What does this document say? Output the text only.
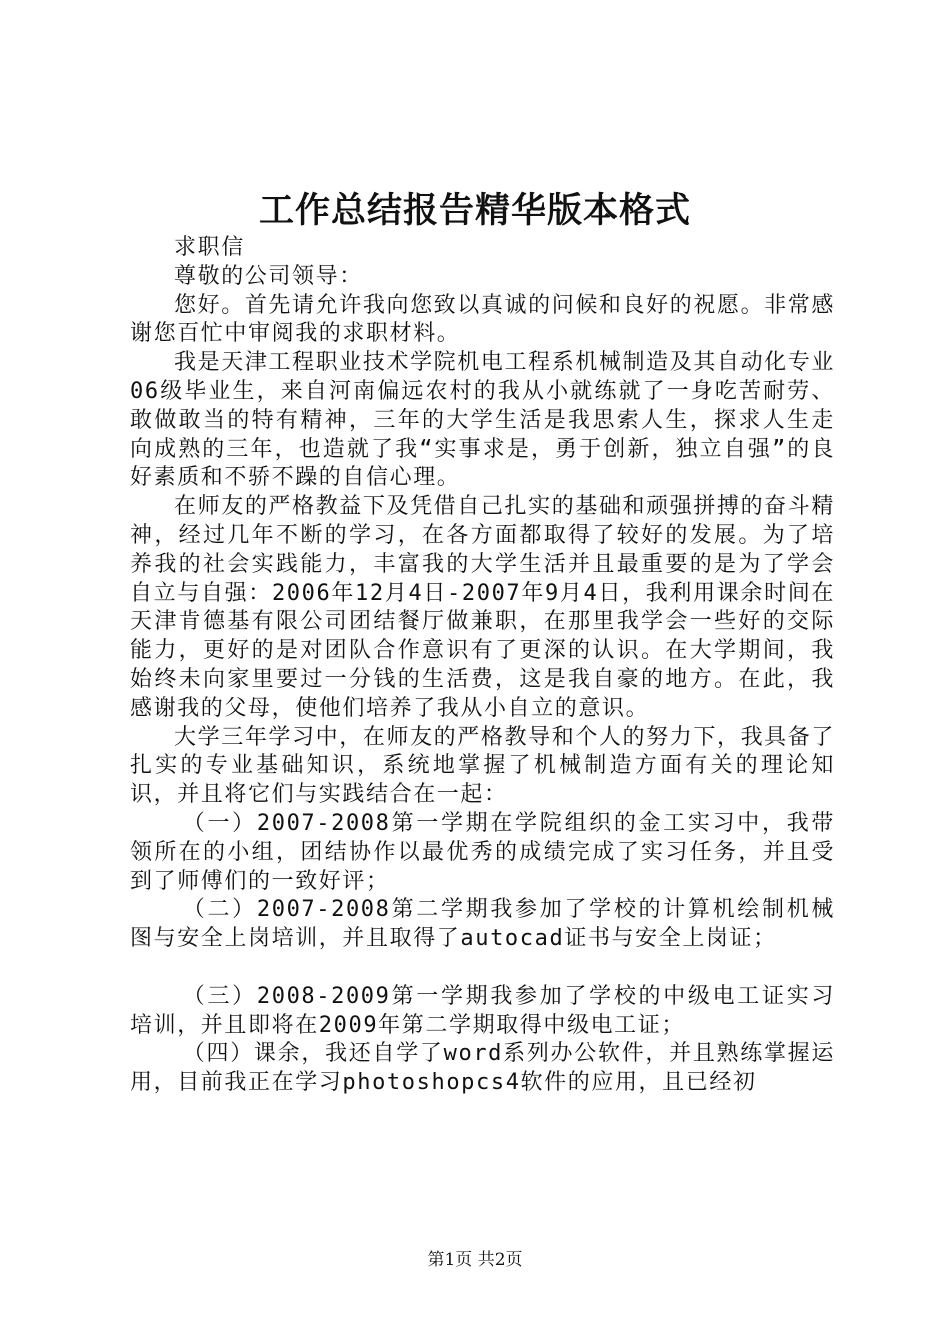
工作总结报告精华版本格式

求职信

尊敬的公司领导：

您好。首先请允许我向您致以真诚的问候和良好的祝愿。非常感谢您百忙中审阅我的求职材料。

我是天津工程职业技术学院机电工程系机械制造及其自动化专业06级毕业生，来自河南偏远农村的我从小就练就了一身吃苦耐劳、敢做敢当的特有精神，三年的大学生活是我思索人生，探求人生走向成熟的三年，也造就了我“实事求是，勇于创新，独立自强”的良好素质和不骄不躁的自信心理。

在师友的严格教益下及凭借自己扎实的基础和顽强拼搏的奋斗精神，经过几年不断的学习，在各方面都取得了较好的发展。为了培养我的社会实践能力，丰富我的大学生活并且最重要的是为了学会自立与自强：2006年12月4日-2007年9月4日，我利用课余时间在天津肯德基有限公司团结餐厅做兼职，在那里我学会一些好的交际能力，更好的是对团队合作意识有了更深的认识。在大学期间，我始终未向家里要过一分钱的生活费，这是我自豪的地方。在此，我感谢我的父母，使他们培养了我从小自立的意识。

大学三年学习中，在师友的严格教导和个人的努力下，我具备了扎实的专业基础知识，系统地掌握了机械制造方面有关的理论知识，并且将它们与实践结合在一起：

（一）2007-2008第一学期在学院组织的金工实习中，我带领所在的小组，团结协作以最优秀的成绩完成了实习任务，并且受到了师傅们的一致好评；

（二）2007-2008第二学期我参加了学校的计算机绘制机械图与安全上岗培训，并且取得了autocad证书与安全上岗证；

（三）2008-2009第一学期我参加了学校的中级电工证实习培训，并且即将在2009年第二学期取得中级电工证；

（四）课余，我还自学了word系列办公软件，并且熟练掌握运用，目前我正在学习photoshopcs4软件的应用，且已经初

第1页 共2页
